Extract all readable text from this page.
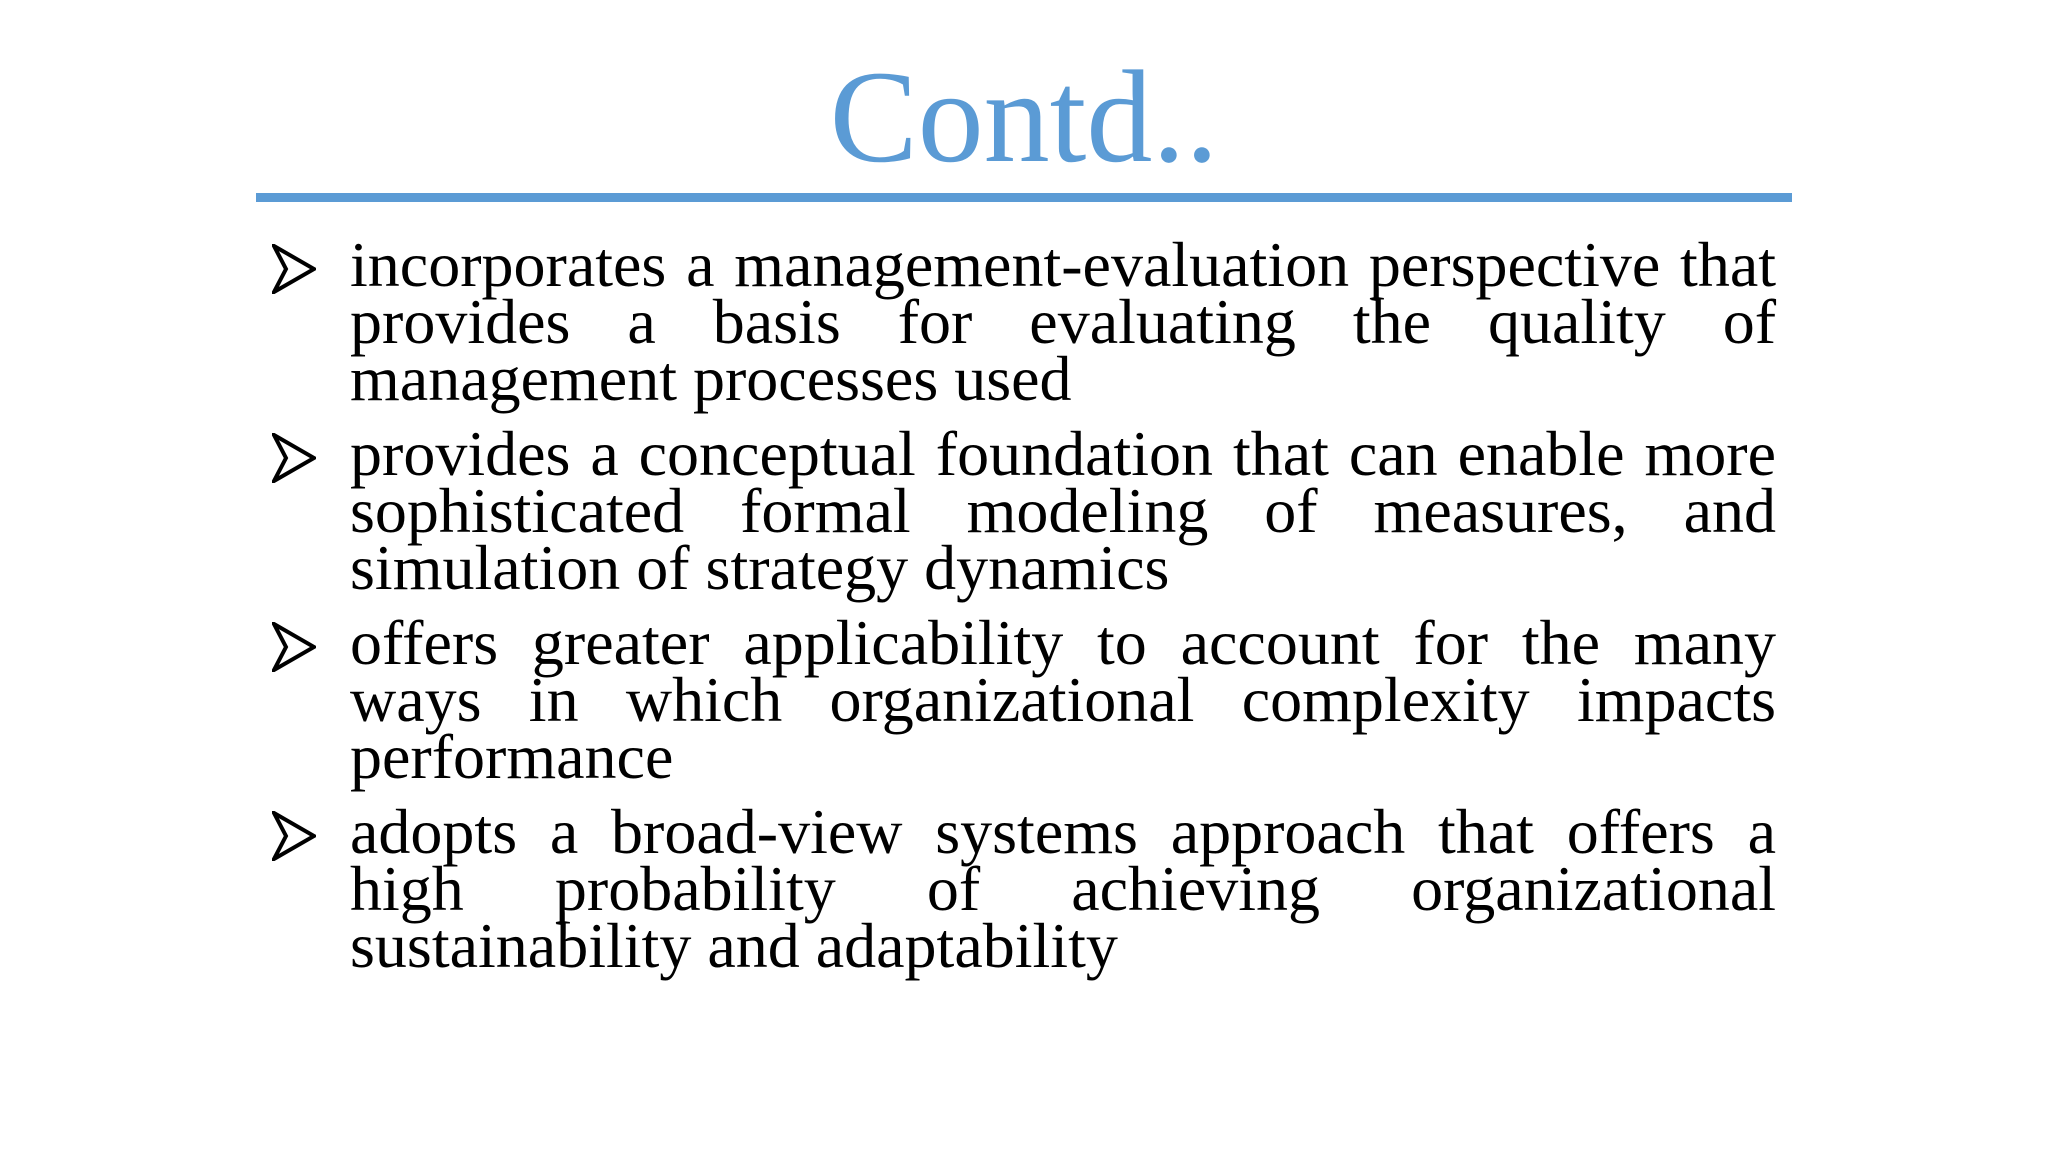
Contd..
incorporates a management-evaluation perspective that provides a basis for evaluating the quality of management processes used
provides a conceptual foundation that can enable more sophisticated formal modeling of measures, and simulation of strategy dynamics
offers greater applicability to account for the many ways in which organizational complexity impacts performance
adopts a broad-view systems approach that offers a high probability of achieving organizational sustainability and adaptability
